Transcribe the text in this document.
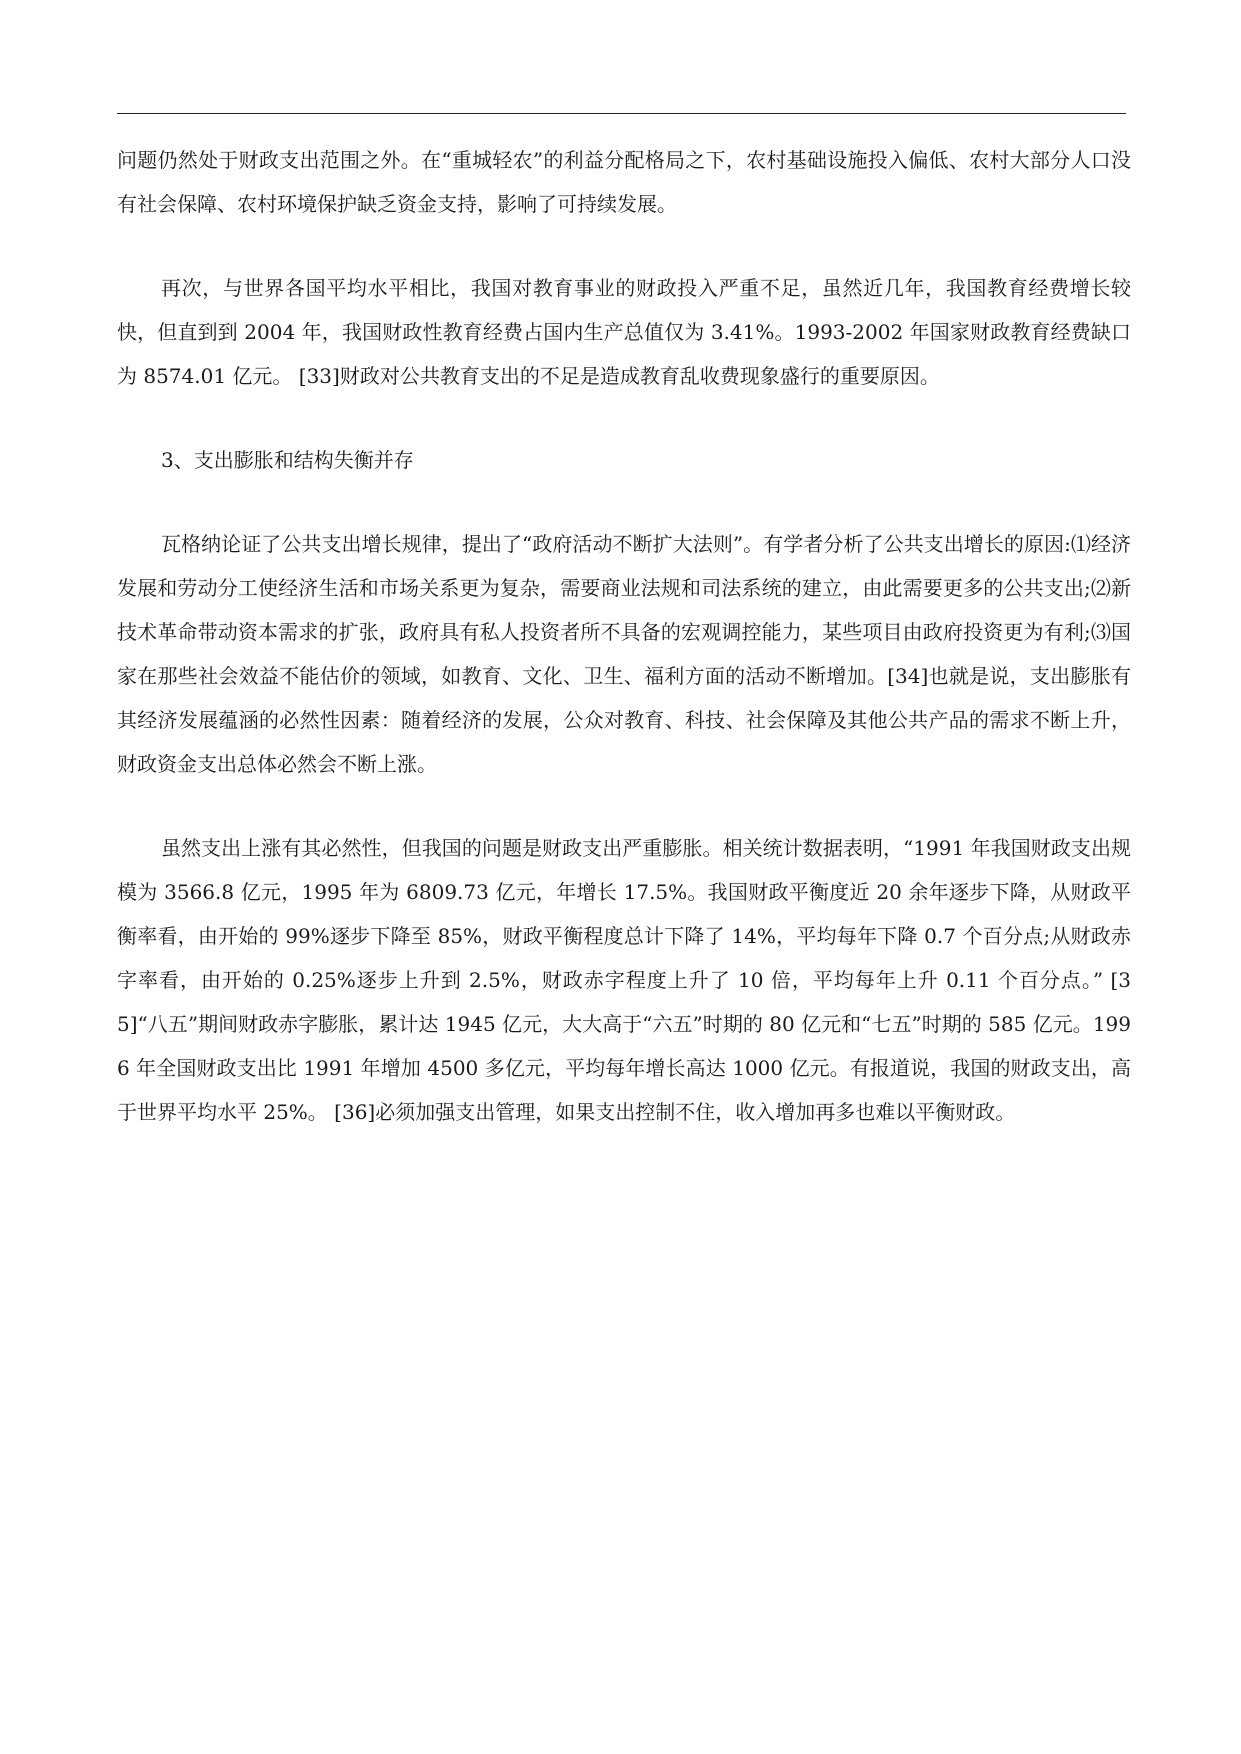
问题仍然处于财政支出范围之外。在“重城轻农”的利益分配格局之下，农村基础设施投入偏低、农村大部分人口没有社会保障、农村环境保护缺乏资金支持，影响了可持续发展。

再次，与世界各国平均水平相比，我国对教育事业的财政投入严重不足，虽然近几年，我国教育经费增长较快，但直到到 2004 年，我国财政性教育经费占国内生产总值仅为 3.41%。1993-2002 年国家财政教育经费缺口为 8574.01 亿元。 [33]财政对公共教育支出的不足是造成教育乱收费现象盛行的重要原因。

3、支出膨胀和结构失衡并存

瓦格纳论证了公共支出增长规律，提出了“政府活动不断扩大法则”。有学者分析了公共支出增长的原因:⑴经济发展和劳动分工使经济生活和市场关系更为复杂，需要商业法规和司法系统的建立，由此需要更多的公共支出;⑵新技术革命带动资本需求的扩张，政府具有私人投资者所不具备的宏观调控能力，某些项目由政府投资更为有利;⑶国家在那些社会效益不能估价的领域，如教育、文化、卫生、福利方面的活动不断增加。[34]也就是说，支出膨胀有其经济发展蕴涵的必然性因素：随着经济的发展，公众对教育、科技、社会保障及其他公共产品的需求不断上升，财政资金支出总体必然会不断上涨。

虽然支出上涨有其必然性，但我国的问题是财政支出严重膨胀。相关统计数据表明，“1991 年我国财政支出规模为 3566.8 亿元，1995 年为 6809.73 亿元，年增长 17.5%。我国财政平衡度近 20 余年逐步下降，从财政平衡率看，由开始的 99%逐步下降至 85%，财政平衡程度总计下降了 14%，平均每年下降 0.7 个百分点;从财政赤字率看，由开始的 0.25%逐步上升到 2.5%，财政赤字程度上升了 10 倍，平均每年上升 0.11 个百分点。” [35]“八五”期间财政赤字膨胀，累计达 1945 亿元，大大高于“六五”时期的 80 亿元和“七五”时期的 585 亿元。1996 年全国财政支出比 1991 年增加 4500 多亿元，平均每年增长高达 1000 亿元。有报道说，我国的财政支出，高于世界平均水平 25%。 [36]必须加强支出管理，如果支出控制不住，收入增加再多也难以平衡财政。
